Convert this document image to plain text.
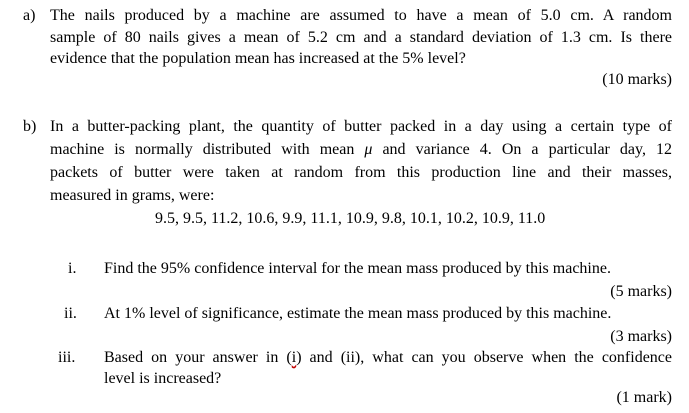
a) The nails produced by a machine are assumed to have a mean of 5.0 cm. A random
sample of 80 nails gives a mean of 5.2 cm and a standard deviation of 1.3 cm. Is there
evidence that the population mean has increased at the 5% level?
(10 marks)
b) In a butter-packing plant, the quantity of butter packed in a day using a certain type of
machine is normally distributed with mean μ and variance 4. On a particular day, 12
packets of butter were taken at random from this production line and their masses,
measured in grams, were:
9.5, 9.5, 11.2, 10.6, 9.9, 11.1, 10.9, 9.8, 10.1, 10.2, 10.9, 11.0
i. Find the 95% confidence interval for the mean mass produced by this machine.
(5 marks)
ii. At 1% level of significance, estimate the mean mass produced by this machine.
(3 marks)
iii. Based on your answer in (i) and (ii), what can you observe when the confidence
level is increased?
(1 mark)
